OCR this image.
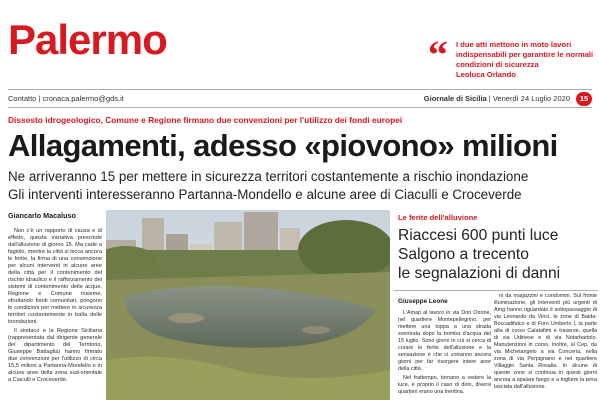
Palermo	“ I due atti mettono in moto lavori indispensabili per garantire le normali condizioni di sicurezza
Leoluca Orlando
Contatto | cronaca.palermo@gds.it	Giornale di Sicilia | Venerdì 24 Luglio 2020	15
Dissesto idrogeologico, Comune e Regione firmano due convenzioni per l'utilizzo dei fondi europei
Allagamenti, adesso «piovono» milioni
Ne arriveranno 15 per mettere in sicurezza territori costantemente a rischio inondazione
Gli interventi interesseranno Partanna-Mondello e alcune aree di Ciaculli e Croceverde
Giancarlo Macaluso

Non c'è un rapporto di causa e di effetto, questa iniziativa prescinde dall'alluvione di giorno 15. Ma cade a fagiolo, mentre la città si lecca ancora le ferite, la firma di una convenzione per alcuni interventi in alcune aree della città per il contenimento del rischio idraulico e il rafforzamento dei sistemi di contenimento delle acque. Regione e Comune insieme, sfruttando fondi comunitari, pongono le condizioni per mettere in sicurezza territori costantemente in balìa delle inondazioni.

Il sindaco e la Regione Siciliana (rappresentata dal dirigente generale del dipartimento del Territorio, Giuseppe Battaglia) hanno firmato due convenzioni per l'utilizzo di circa 15,5 milioni a Partanna-Mondello e in alcune aree della zona sud-orientale a Ciaculli e Croceverde.

Le ferite dell'alluvione
Riaccesi 600 punti luce
Salgono a trecento
le segnalazioni di danni
Giuseppe Leone

L'Amap al lavoro in via Don Orione, nel quartiere Montepellegrino, per mettere una toppa a una strada sventrata dopo la bomba d'acqua del 15 luglio. Sono giorni in cui si cerca di curare le ferite dell'alluvione e la sensazione è che ci vorranno ancora giorni per far risorgere intere aree della città.

Nel frattempo, tornano a vedere la luce, è proprio il caso di dirlo, diversi quartieri erano una trentina.

ni da magazzini e condomini. Sul fronte illuminazione, gli interventi più urgenti di Amg hanno riguardato il sottopassaggio di via Leonardo da Vinci, le zone di Baida-Boccadifalco e di Foro Umberto I, la parte alta di corso Calatafimi e traverse, quella di via Udinese e di via Notarbartolo. Manutenzioni in corso, inoltre, al Cep, da via Michelangelo a via Conceria, nella zona di via Perpignano e nel quartiere Villaggio Santa Rosalia. In alcune di queste zone si continua in questi giorni ancora a spalare fango e a togliere la terra lasciata dall'alluvione.
